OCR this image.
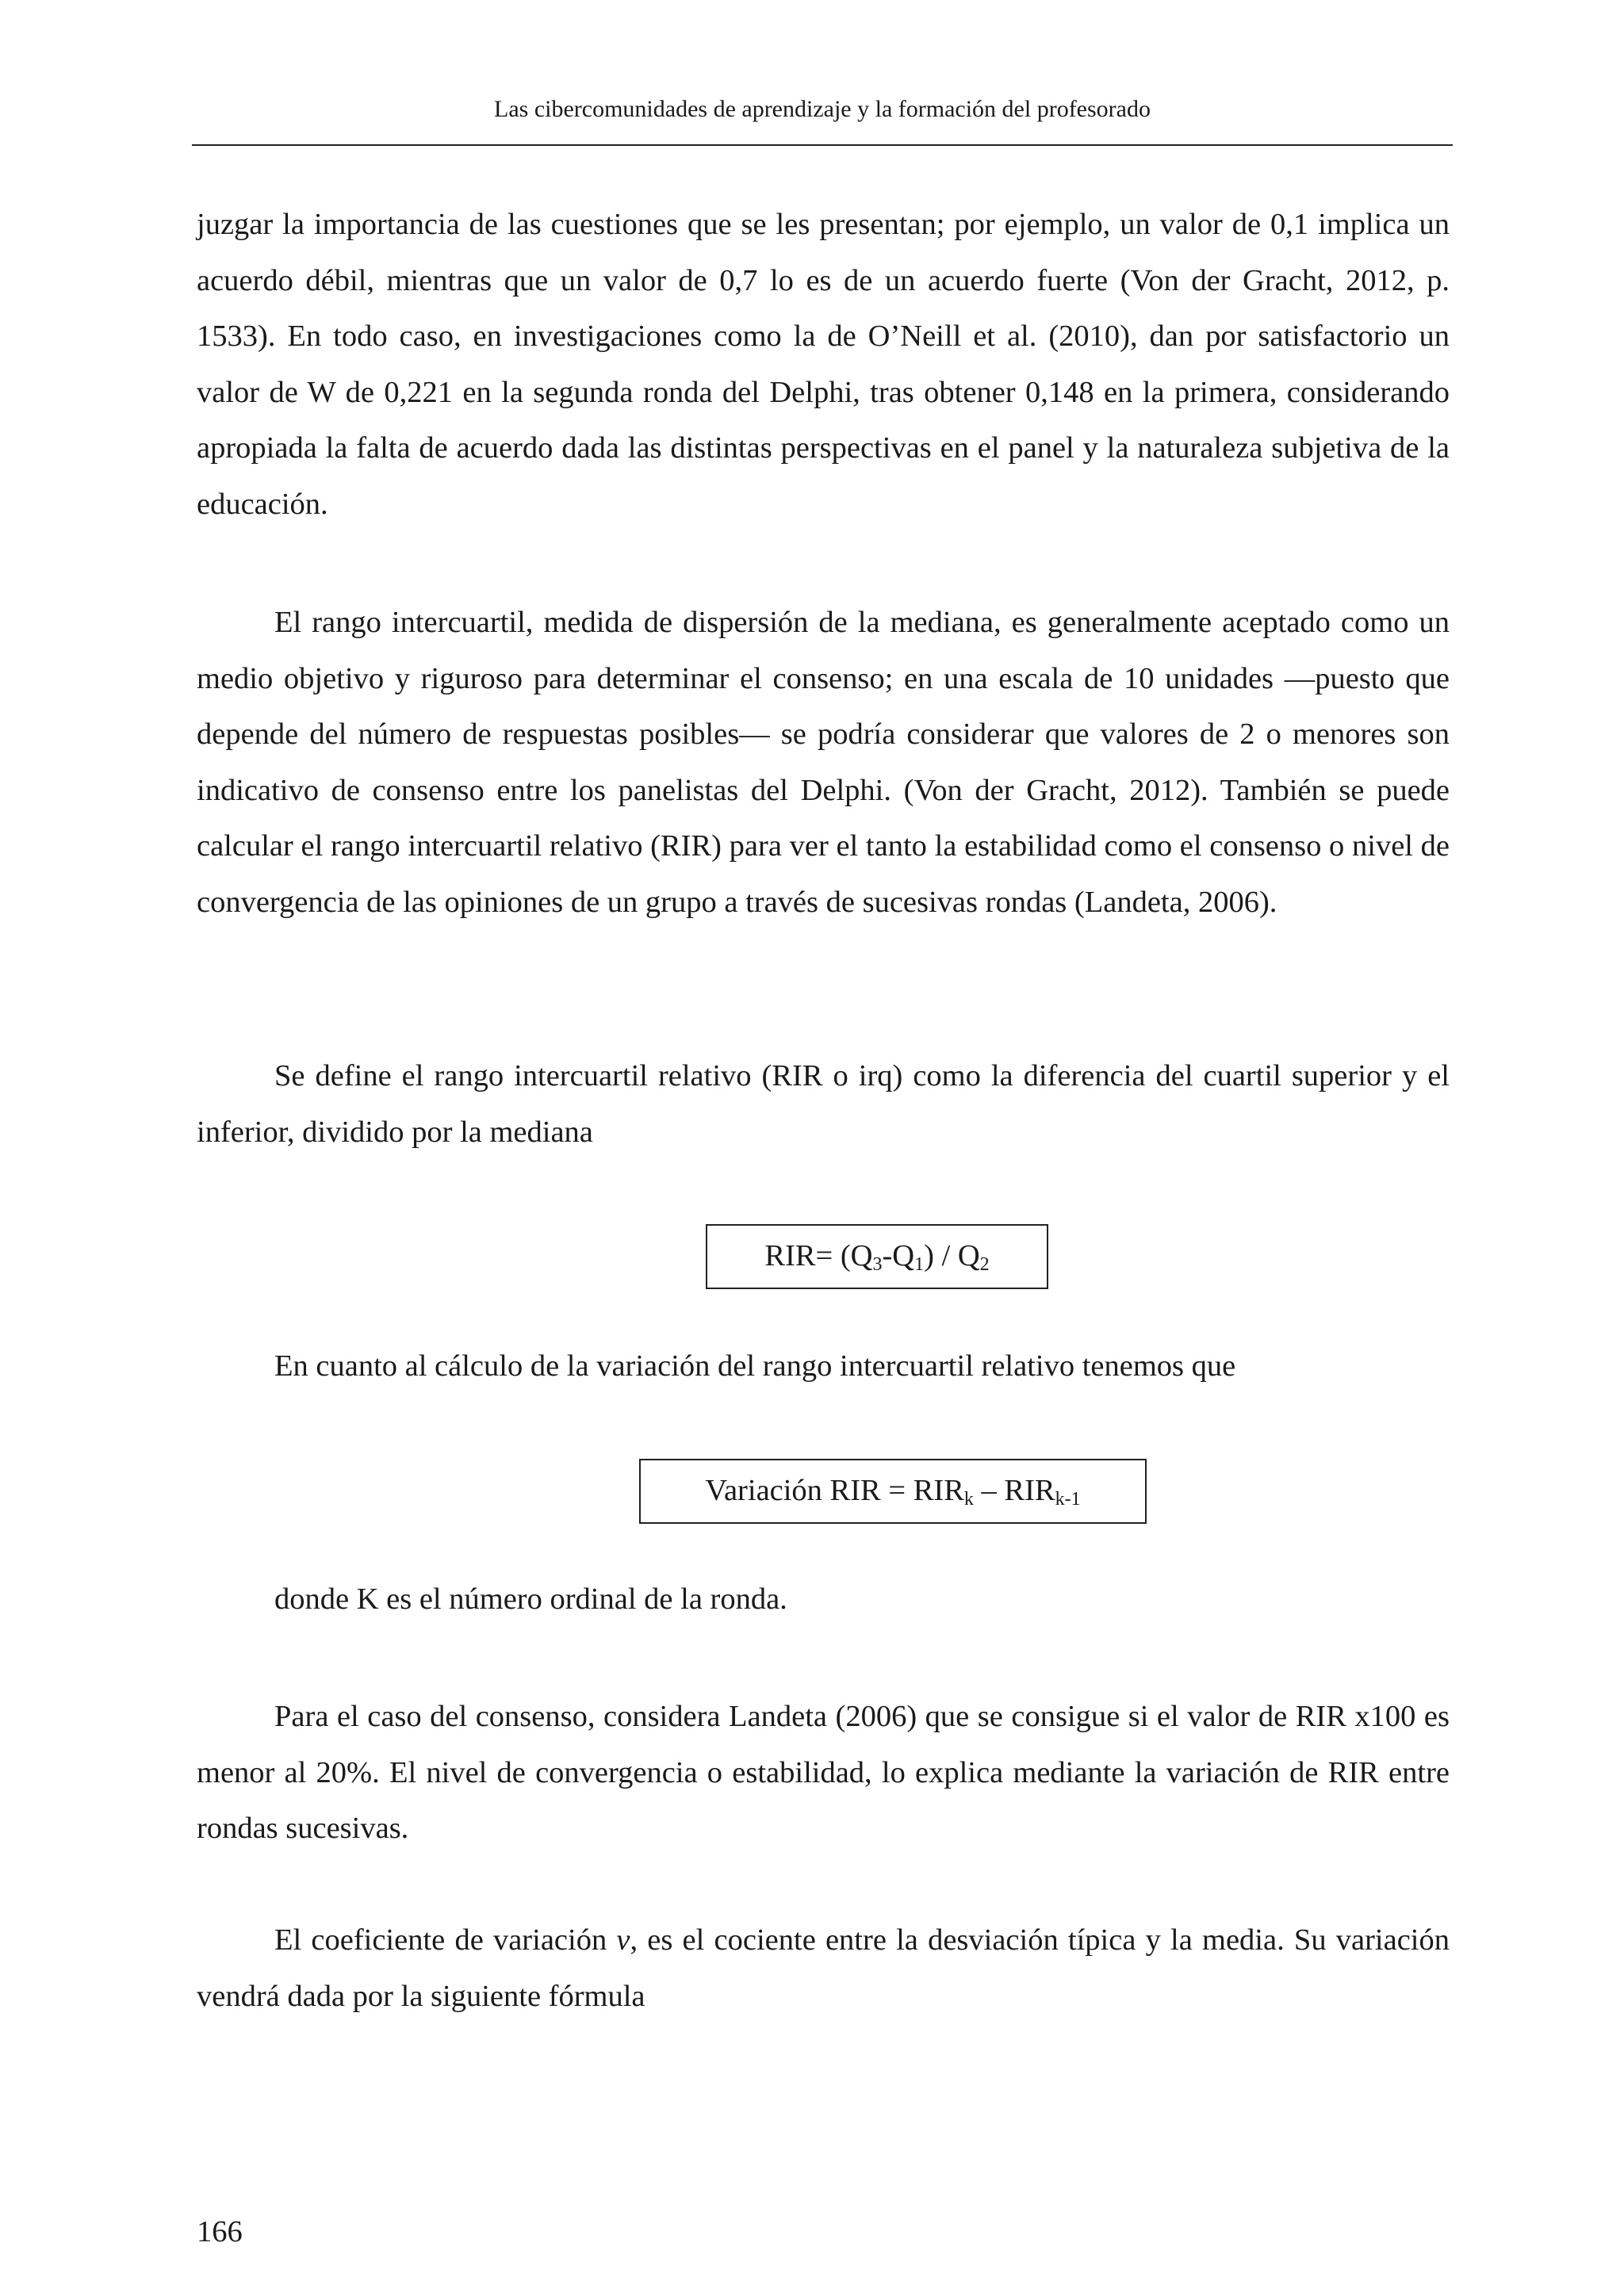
Las cibercomunidades de aprendizaje y la formación del profesorado

juzgar la importancia de las cuestiones que se les presentan; por ejemplo, un valor de 0,1 implica un acuerdo débil, mientras que un valor de 0,7 lo es de un acuerdo fuerte (Von der Gracht, 2012, p. 1533). En todo caso, en investigaciones como la de O’Neill et al. (2010), dan por satisfactorio un valor de W de 0,221 en la segunda ronda del Delphi, tras obtener 0,148 en la primera, considerando apropiada la falta de acuerdo dada las distintas perspectivas en el panel y la naturaleza subjetiva de la educación.

El rango intercuartil, medida de dispersión de la mediana, es generalmente aceptado como un medio objetivo y riguroso para determinar el consenso; en una escala de 10 unidades —puesto que depende del número de respuestas posibles— se podría considerar que valores de 2 o menores son indicativo de consenso entre los panelistas del Delphi. (Von der Gracht, 2012). También se puede calcular el rango intercuartil relativo (RIR) para ver el tanto la estabilidad como el consenso o nivel de convergencia de las opiniones de un grupo a través de sucesivas rondas (Landeta, 2006).

Se define el rango intercuartil relativo (RIR o irq) como la diferencia del cuartil superior y el inferior, dividido por la mediana

$RIR= (Q_3-Q_1) / Q_2$

En cuanto al cálculo de la variación del rango intercuartil relativo tenemos que

Variación RIR = $RIR_k - RIR_{k-1}$

donde K es el número ordinal de la ronda.

Para el caso del consenso, considera Landeta (2006) que se consigue si el valor de RIR x100 es menor al 20%. El nivel de convergencia o estabilidad, lo explica mediante la variación de RIR entre rondas sucesivas.

El coeficiente de variación v, es el cociente entre la desviación típica y la media. Su variación vendrá dada por la siguiente fórmula

166
